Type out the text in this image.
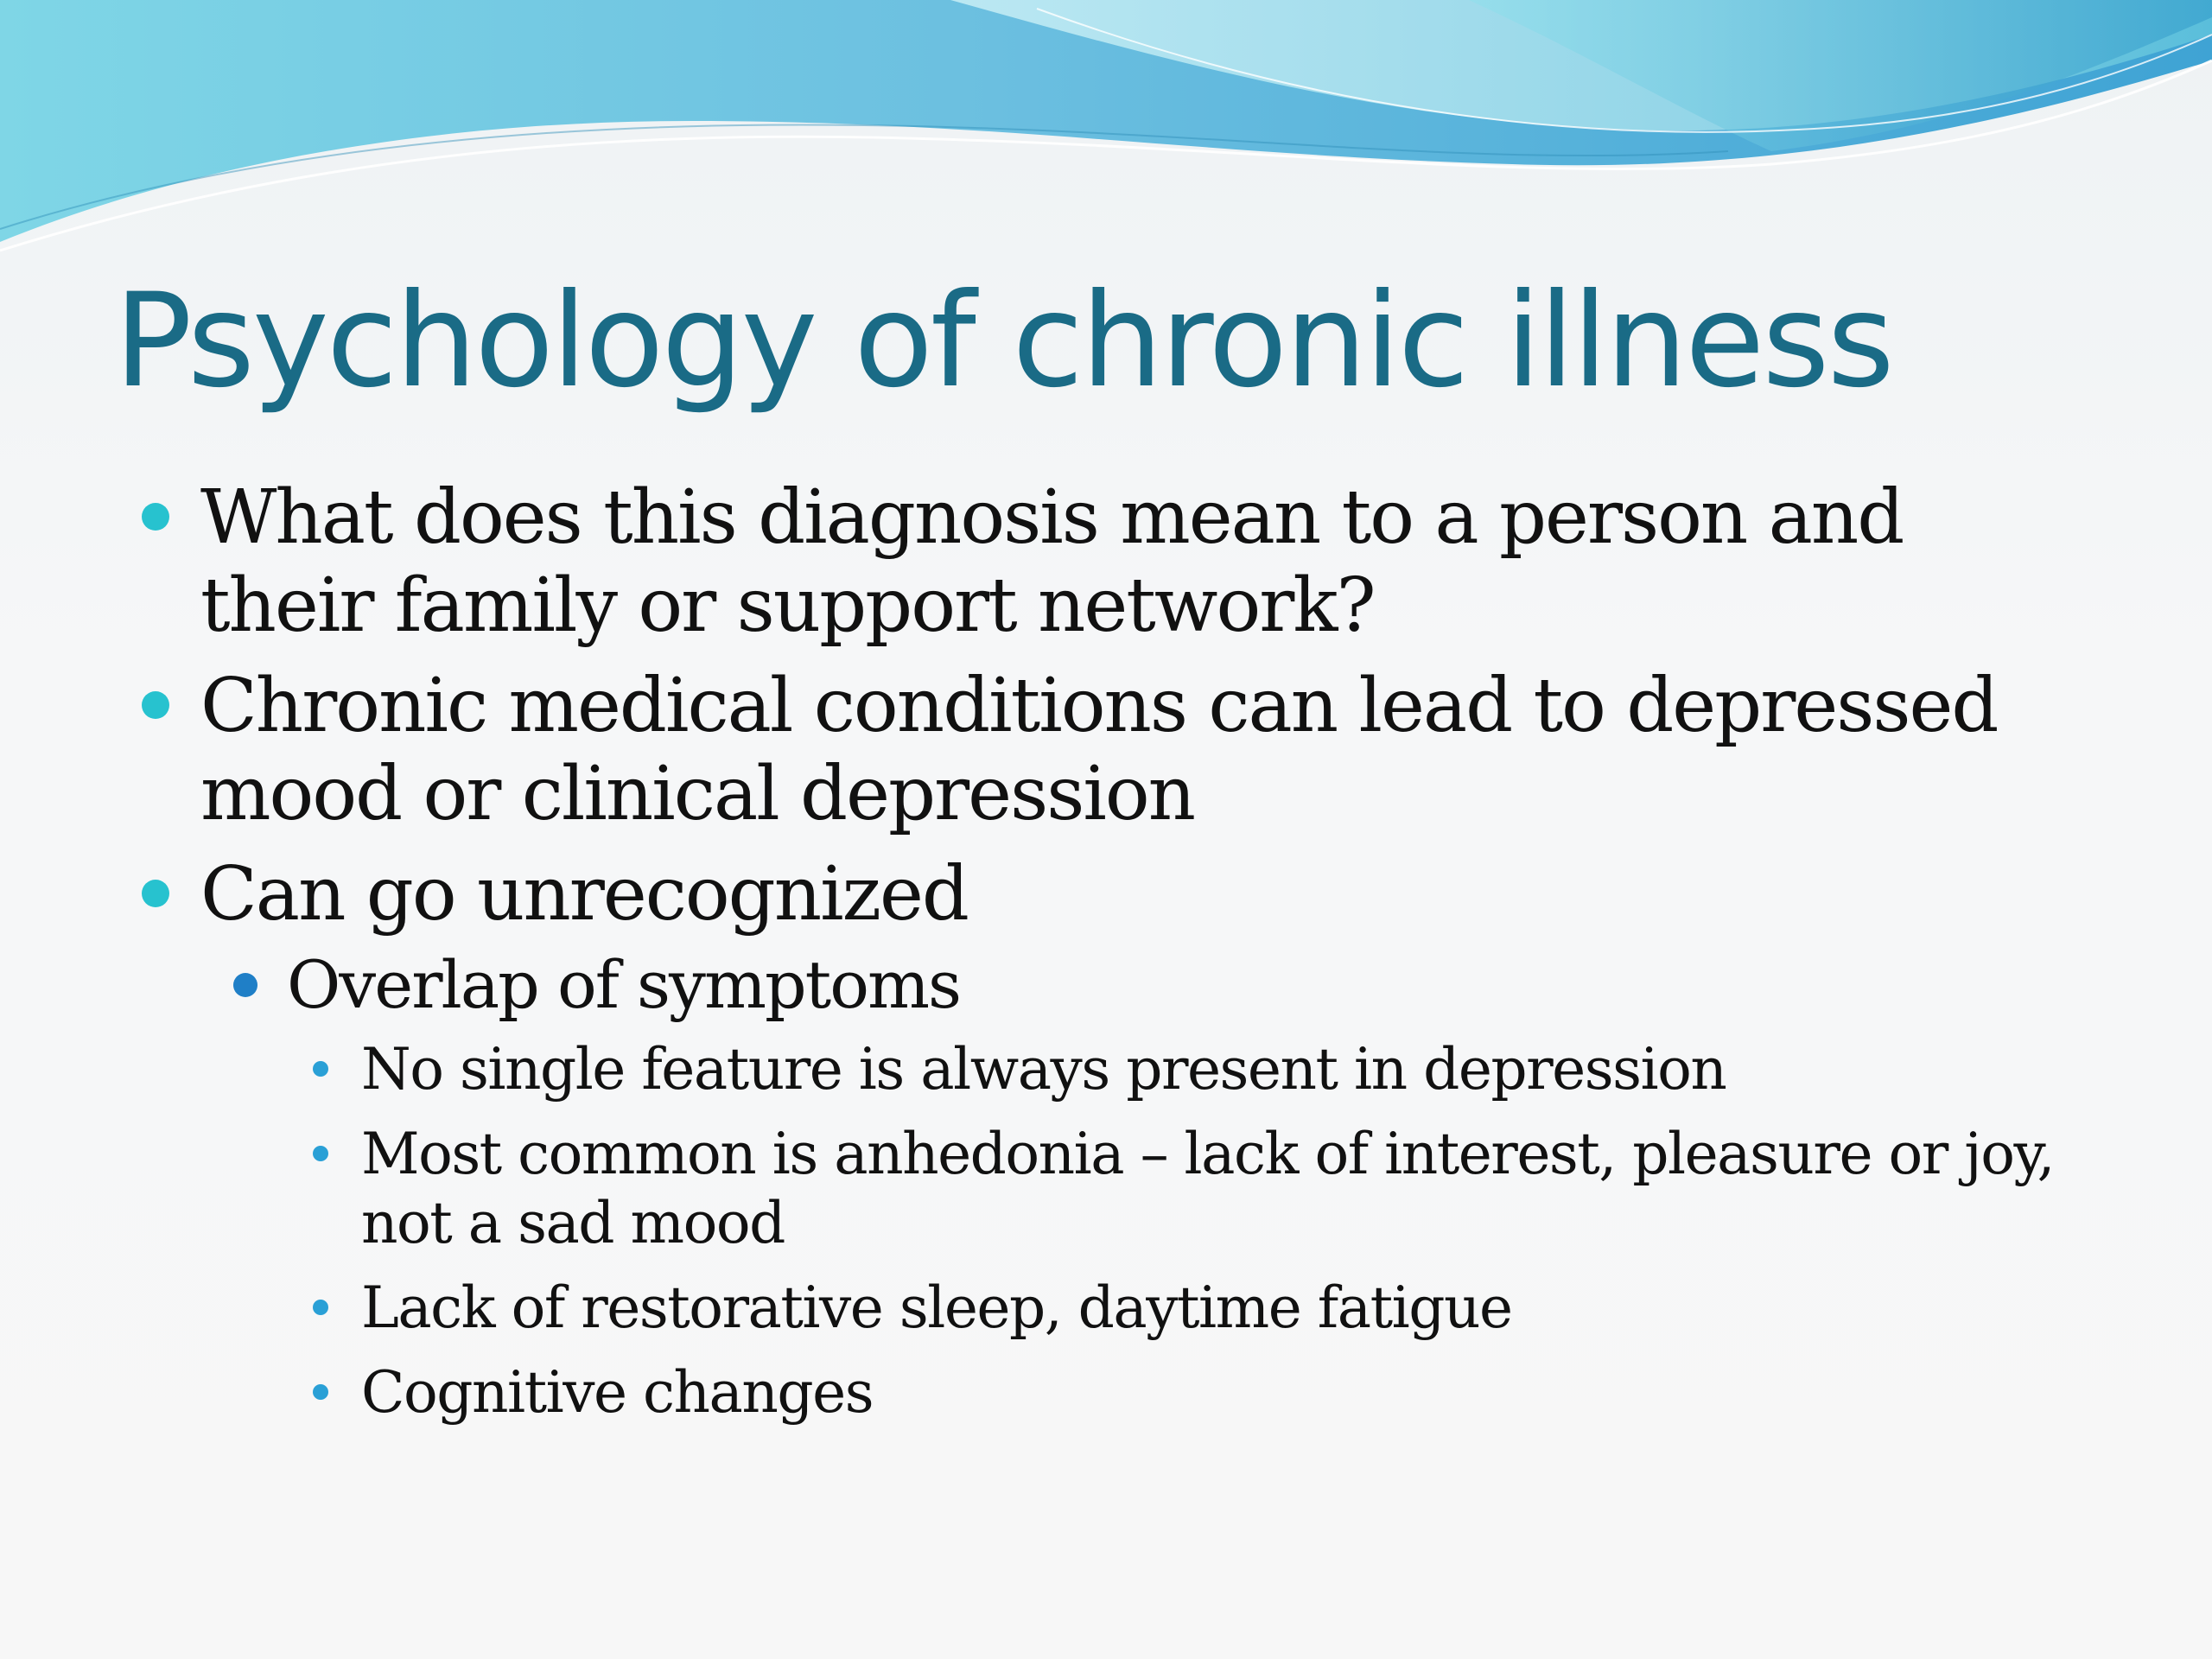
Psychology of chronic illness
What does this diagnosis mean to a person and their family or support network?
Chronic medical conditions can lead to depressed mood or clinical depression
Can go unrecognized
Overlap of symptoms
No single feature is always present in depression
Most common is anhedonia – lack of interest, pleasure or joy, not a sad mood
Lack of restorative sleep, daytime fatigue
Cognitive changes
